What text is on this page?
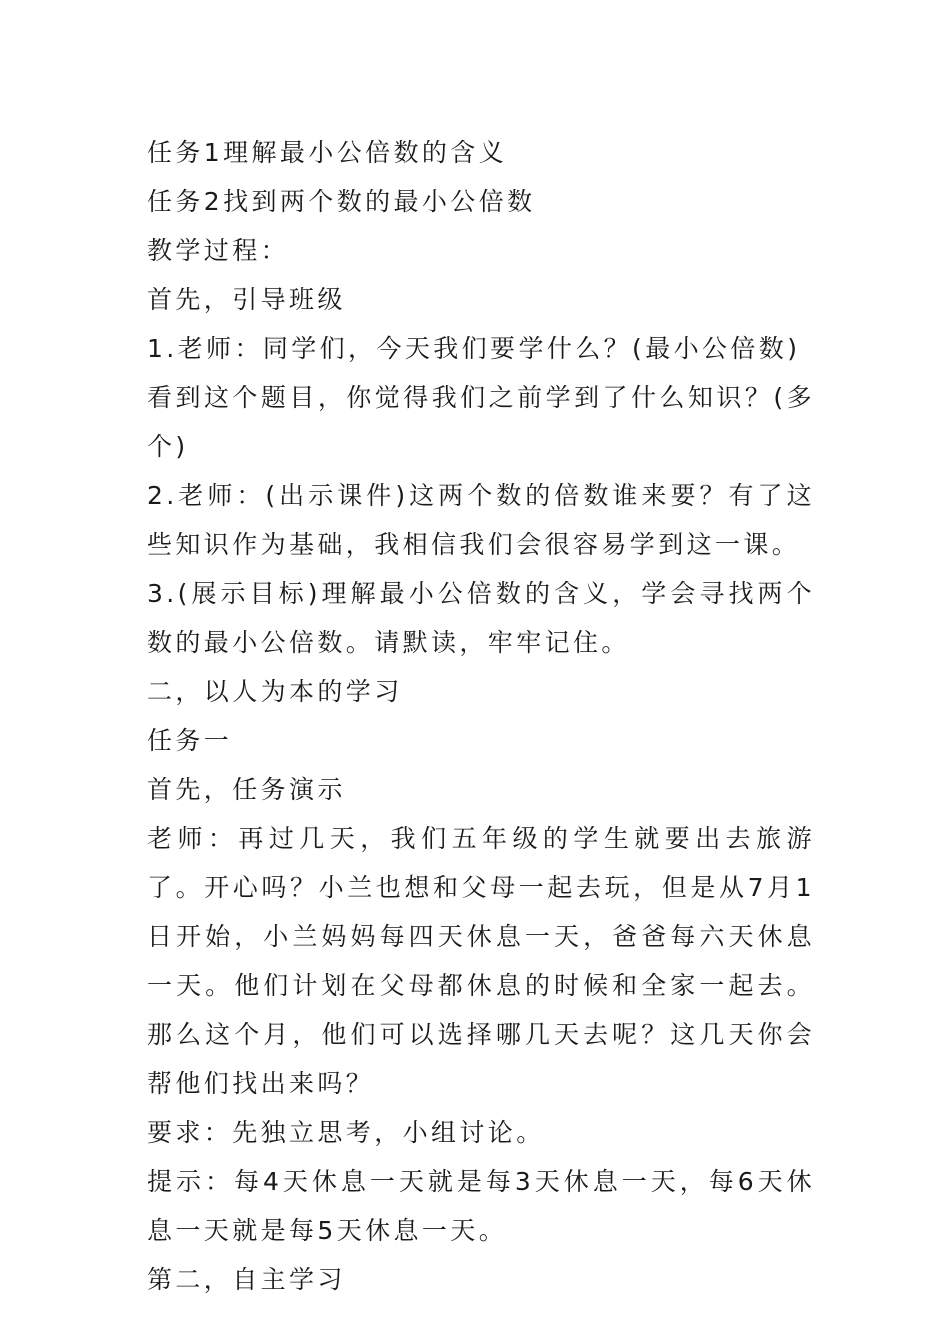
任务1理解最小公倍数的含义

任务2找到两个数的最小公倍数

教学过程：

首先，引导班级

1.老师：同学们，今天我们要学什么？(最小公倍数)

看到这个题目，你觉得我们之前学到了什么知识？(多个)

2.老师：(出示课件)这两个数的倍数谁来要？有了这些知识作为基础，我相信我们会很容易学到这一课。

3.(展示目标)理解最小公倍数的含义，学会寻找两个数的最小公倍数。请默读，牢牢记住。

二，以人为本的学习

任务一

首先，任务演示

老师：再过几天，我们五年级的学生就要出去旅游了。开心吗？小兰也想和父母一起去玩，但是从7月1日开始，小兰妈妈每四天休息一天，爸爸每六天休息一天。他们计划在父母都休息的时候和全家一起去。那么这个月，他们可以选择哪几天去呢？这几天你会帮他们找出来吗？

要求：先独立思考，小组讨论。

提示：每4天休息一天就是每3天休息一天，每6天休息一天就是每5天休息一天。

第二，自主学习
